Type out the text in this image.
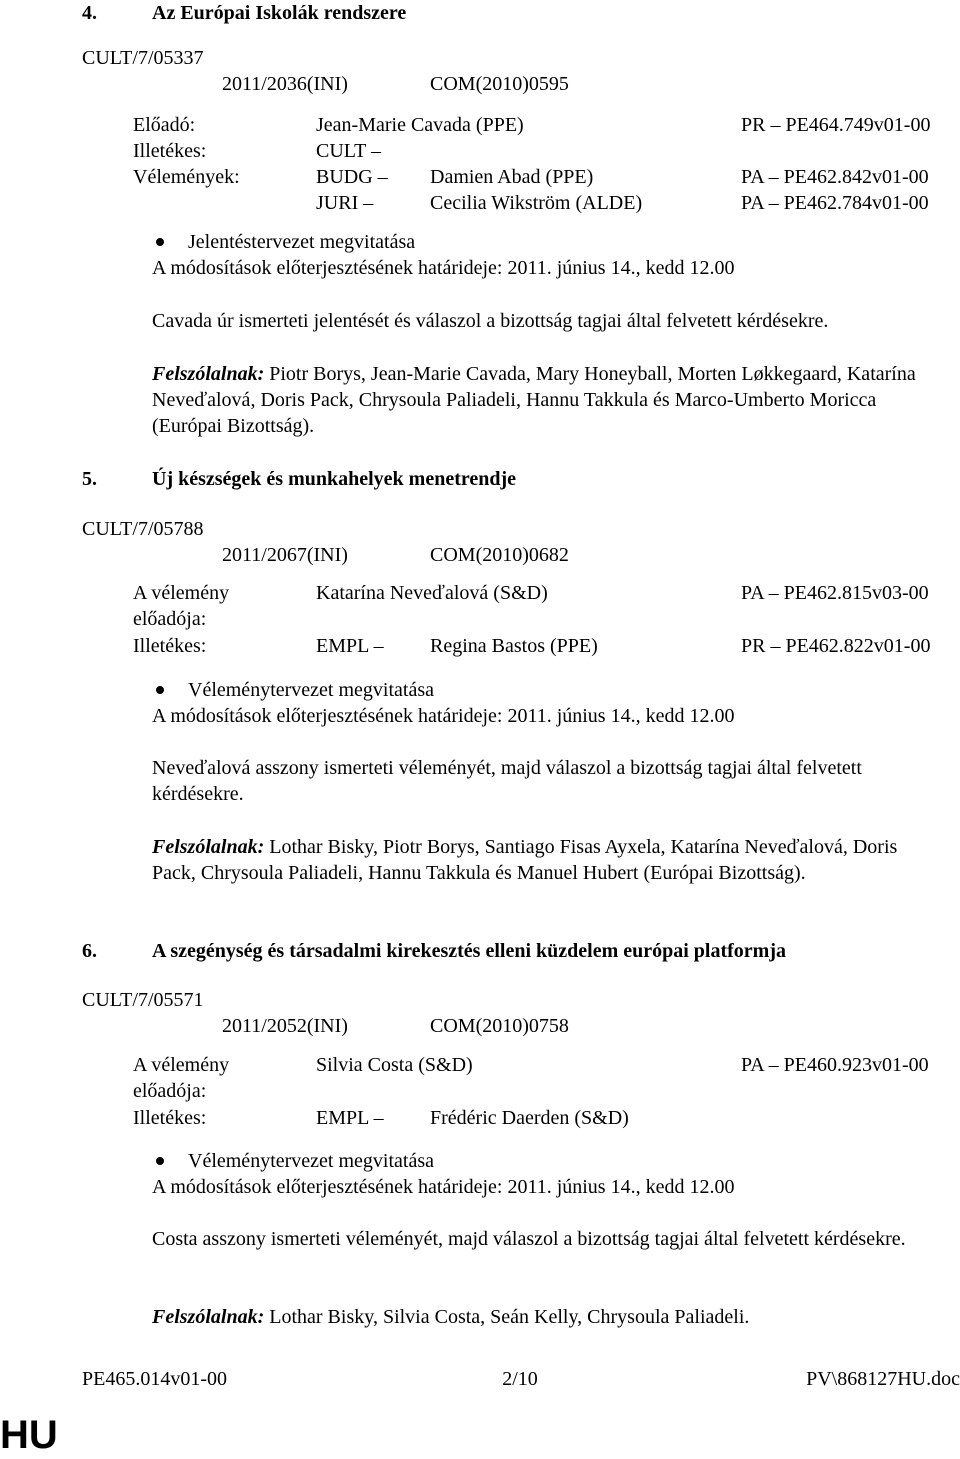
4.	Az Európai Iskolák rendszere
CULT/7/05337
2011/2036(INI)	COM(2010)0595
Előadó:	Jean-Marie Cavada (PPE)	PR – PE464.749v01-00
Illetékes:	CULT –
Vélemények:	BUDG – Damien Abad (PPE)	PA – PE462.842v01-00
JURI –	Cecilia Wikström (ALDE)	PA – PE462.784v01-00
Jelentéstervezet megvitatása
A módosítások előterjesztésének határideje: 2011. június 14., kedd 12.00
Cavada úr ismerteti jelentését és válaszol a bizottság tagjai által felvetett kérdésekre.
Felszólalnak: Piotr Borys, Jean-Marie Cavada, Mary Honeyball, Morten Løkkegaard, Katarína Neveďalová, Doris Pack, Chrysoula Paliadeli, Hannu Takkula és Marco-Umberto Moricca (Európai Bizottság).
5.	Új készségek és munkahelyek menetrendje
CULT/7/05788
2011/2067(INI)	COM(2010)0682
A vélemény előadója:
Katarína Neveďalová (S&D)	PA – PE462.815v03-00
Illetékes:	EMPL – Regina Bastos (PPE)	PR – PE462.822v01-00
Véleménytervezet megvitatása
A módosítások előterjesztésének határideje: 2011. június 14., kedd 12.00
Neveďalová asszony ismerteti véleményét, majd válaszol a bizottság tagjai által felvetett kérdésekre.
Felszólalnak: Lothar Bisky, Piotr Borys, Santiago Fisas Ayxela, Katarína Neveďalová, Doris Pack, Chrysoula Paliadeli, Hannu Takkula és Manuel Hubert (Európai Bizottság).
6.	A szegénység és társadalmi kirekesztés elleni küzdelem európai platformja
CULT/7/05571
2011/2052(INI)	COM(2010)0758
A vélemény előadója:
Silvia Costa (S&D)	PA – PE460.923v01-00
Illetékes:	EMPL – Frédéric Daerden (S&D)
Véleménytervezet megvitatása
A módosítások előterjesztésének határideje: 2011. június 14., kedd 12.00
Costa asszony ismerteti véleményét, majd válaszol a bizottság tagjai által felvetett kérdésekre.
Felszólalnak: Lothar Bisky, Silvia Costa, Seán Kelly, Chrysoula Paliadeli.
PE465.014v01-00	2/10	PV\868127HU.doc
HU
